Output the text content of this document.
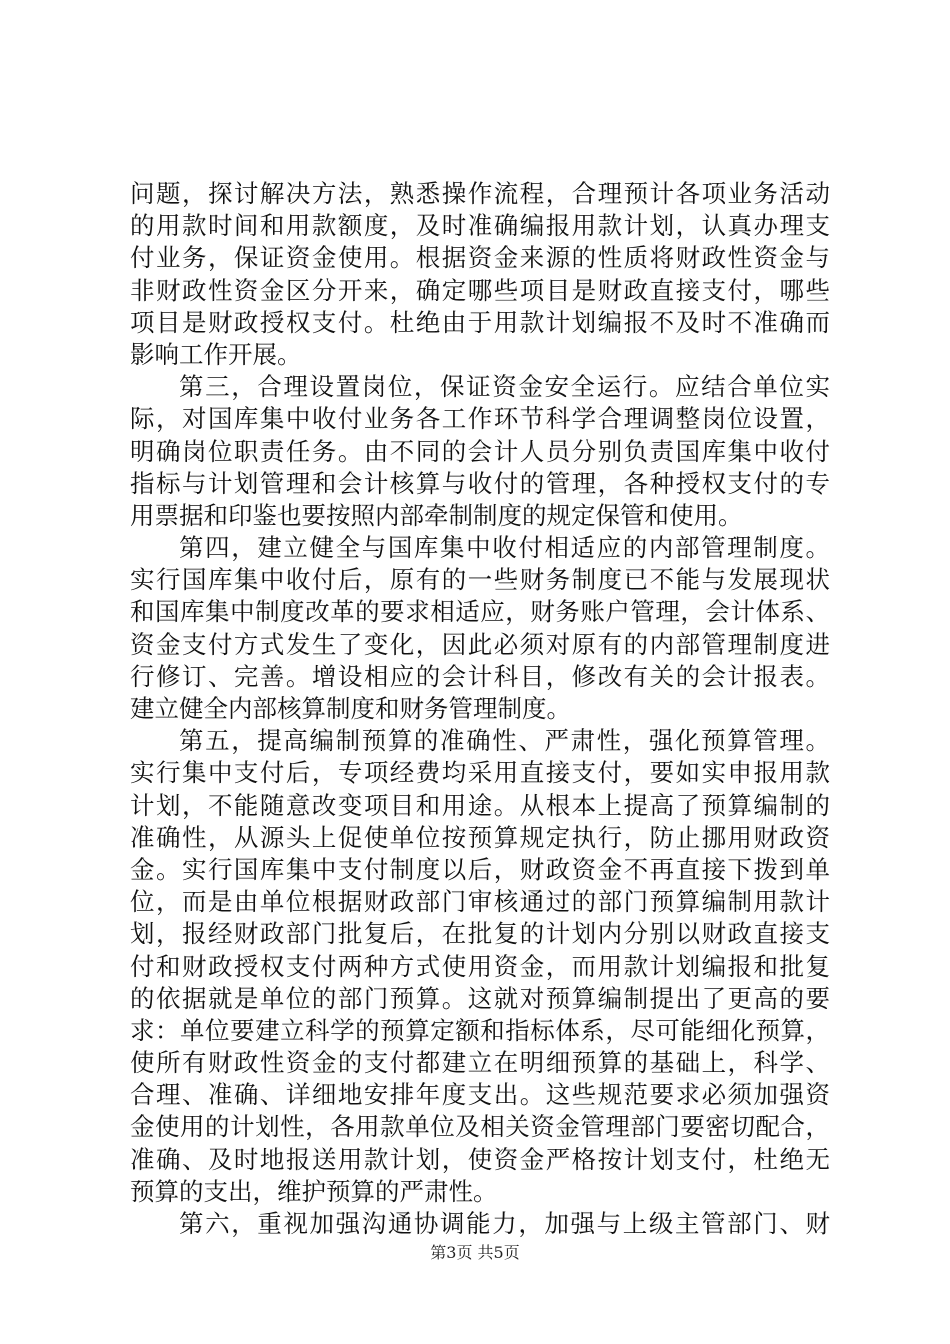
问题，探讨解决方法，熟悉操作流程，合理预计各项业务活动
的用款时间和用款额度，及时准确编报用款计划，认真办理支
付业务，保证资金使用。根据资金来源的性质将财政性资金与
非财政性资金区分开来，确定哪些项目是财政直接支付，哪些
项目是财政授权支付。杜绝由于用款计划编报不及时不准确而
影响工作开展。
第三，合理设置岗位，保证资金安全运行。应结合单位实
际，对国库集中收付业务各工作环节科学合理调整岗位设置，
明确岗位职责任务。由不同的会计人员分别负责国库集中收付
指标与计划管理和会计核算与收付的管理，各种授权支付的专
用票据和印鉴也要按照内部牵制制度的规定保管和使用。
第四，建立健全与国库集中收付相适应的内部管理制度。
实行国库集中收付后，原有的一些财务制度已不能与发展现状
和国库集中制度改革的要求相适应，财务账户管理，会计体系、
资金支付方式发生了变化，因此必须对原有的内部管理制度进
行修订、完善。增设相应的会计科目，修改有关的会计报表。
建立健全内部核算制度和财务管理制度。
第五，提高编制预算的准确性、严肃性，强化预算管理。
实行集中支付后，专项经费均采用直接支付，要如实申报用款
计划，不能随意改变项目和用途。从根本上提高了预算编制的
准确性，从源头上促使单位按预算规定执行，防止挪用财政资
金。实行国库集中支付制度以后，财政资金不再直接下拨到单
位，而是由单位根据财政部门审核通过的部门预算编制用款计
划，报经财政部门批复后，在批复的计划内分别以财政直接支
付和财政授权支付两种方式使用资金，而用款计划编报和批复
的依据就是单位的部门预算。这就对预算编制提出了更高的要
求：单位要建立科学的预算定额和指标体系，尽可能细化预算，
使所有财政性资金的支付都建立在明细预算的基础上，科学、
合理、准确、详细地安排年度支出。这些规范要求必须加强资
金使用的计划性，各用款单位及相关资金管理部门要密切配合，
准确、及时地报送用款计划，使资金严格按计划支付，杜绝无
预算的支出，维护预算的严肃性。
第六，重视加强沟通协调能力，加强与上级主管部门、财
第3页 共5页
